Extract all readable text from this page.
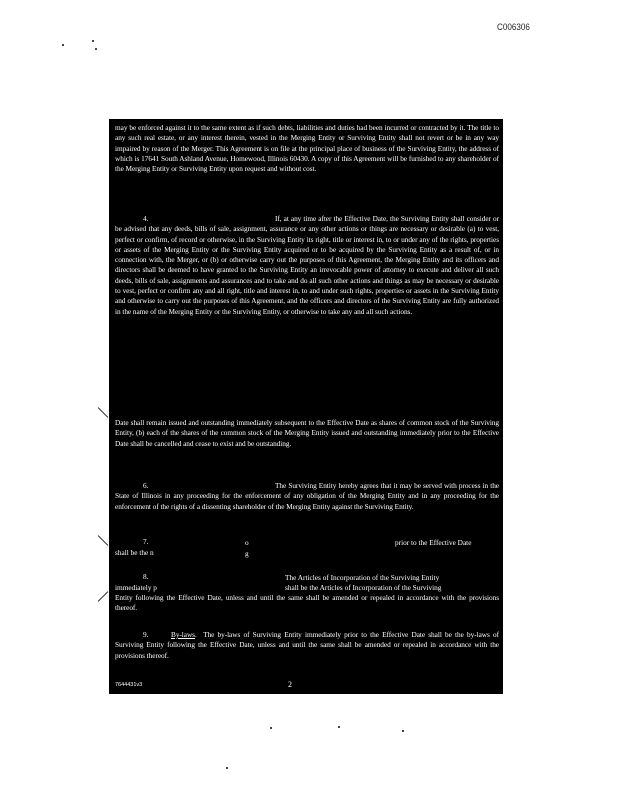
C006306

may be enforced against it to the same extent as if such debts, liabilities and duties had been incurred or contracted by it. The title to any such real estate, or any interest therein, vested in the Merging Entity or Surviving Entity shall not revert or be in any way impaired by reason of the Merger. This Agreement is on file at the principal place of business of the Surviving Entity, the address of which is 17641 South Ashland Avenue, Homewood, Illinois 60430. A copy of this Agreement will be furnished to any shareholder of the Merging Entity or Surviving Entity upon request and without cost.

4.	If, at any time after the Effective Date, the Surviving Entity shall consider or be advised that any deeds, bills of sale, assignment, assurance or any other actions or things are necessary or desirable (a) to vest, perfect or confirm, of record or otherwise, in the Surviving Entity its right, title or interest in, to or under any of the rights, properties or assets of the Merging Entity or the Surviving Entity acquired or to be acquired by the Surviving Entity as a result of, or in connection with, the Merger, or (b) or otherwise carry out the purposes of this Agreement, the Merging Entity and its officers and directors shall be deemed to have granted to the Surviving Entity an irrevocable power of attorney to execute and deliver all such deeds, bills of sale, assignments and assurances and to take and do all such other actions and things as may be necessary or desirable to vest, perfect or confirm any and all right, title and interest in, to and under such rights, properties or assets in the Surviving Entity and otherwise to carry out the purposes of this Agreement, and the officers and directors of the Surviving Entity are fully authorized in the name of the Merging Entity or the Surviving Entity, or otherwise to take any and all such actions.

Date shall remain issued and outstanding immediately subsequent to the Effective Date as shares of common stock of the Surviving Entity, (b) each of the shares of the common stock of the Merging Entity issued and outstanding immediately prior to the Effective Date shall be cancelled and cease to exist and be outstanding.

6.	The Surviving Entity hereby agrees that it may be served with process in the State of Illinois in any proceeding for the enforcement of any obligation of the Merging Entity and in any proceeding for the enforcement of the rights of a dissenting shareholder of the Merging Entity against the Surviving Entity.

7.	o	prior to the Effective Date
shall be the n	g
8.	The Articles of Incorporation of the Surviving Entity
immediately p	shall be the Articles of Incorporation of the Surviving

Entity following the Effective Date, unless and until the same shall be amended or repealed in accordance with the provisions thereof.

9.	By-laws.  The by-laws of Surviving Entity immediately prior to the Effective Date shall be the by-laws of Surviving Entity following the Effective Date, unless and until the same shall be amended or repealed in accordance with the provisions thereof.

7644431v3	2
